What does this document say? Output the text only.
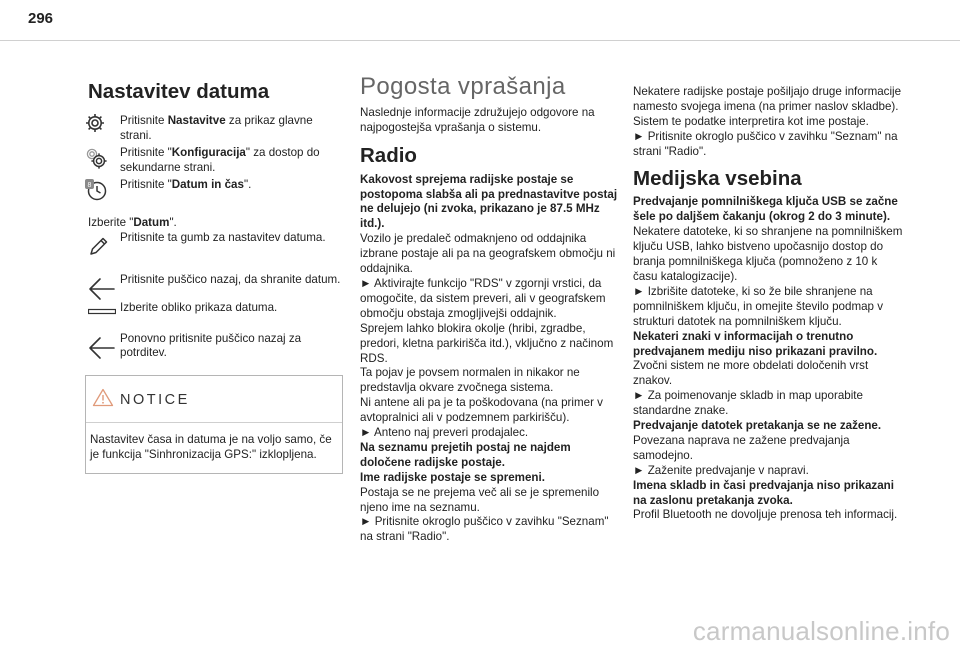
296
Nastavitev datuma
Pritisnite Nastavitve za prikaz glavne strani.
Pritisnite "Konfiguracija" za dostop do sekundarne strani.
8 Pritisnite "Datum in čas".
Izberite "Datum".
Pritisnite ta gumb za nastavitev datuma.
Pritisnite puščico nazaj, da shranite datum.
Izberite obliko prikaza datuma.
Ponovno pritisnite puščico nazaj za potrditev.
NOTICE
Nastavitev časa in datuma je na voljo samo, če je funkcija "Sinhronizacija GPS:" izklopljena.
Pogosta vprašanja

Naslednje informacije združujejo odgovore na najpogostejša vprašanja o sistemu.

Radio

Kakovost sprejema radijske postaje se postopoma slabša ali pa prednastavitve postaj ne delujejo (ni zvoka, prikazano je 87.5 MHz itd.).

Vozilo je predaleč odmaknjeno od oddajnika izbrane postaje ali pa na geografskem območju ni oddajnika.

► Aktivirajte funkcijo "RDS" v zgornji vrstici, da omogočite, da sistem preveri, ali v geografskem območju obstaja zmogljivejši oddajnik.

Sprejem lahko blokira okolje (hribi, zgradbe, predori, kletna parkirišča itd.), vključno z načinom RDS.

Ta pojav je povsem normalen in nikakor ne predstavlja okvare zvočnega sistema.

Ni antene ali pa je ta poškodovana (na primer v avtopralnici ali v podzemnem parkirišču).

► Anteno naj preveri prodajalec.

Na seznamu prejetih postaj ne najdem določene radijske postaje.

Ime radijske postaje se spremeni.

Postaja se ne prejema več ali se je spremenilo njeno ime na seznamu.

► Pritisnite okroglo puščico v zavihku "Seznam" na strani "Radio".

Nekatere radijske postaje pošiljajo druge informacije namesto svojega imena (na primer naslov skladbe).

Sistem te podatke interpretira kot ime postaje.

► Pritisnite okroglo puščico v zavihku "Seznam" na strani "Radio".

Medijska vsebina

Predvajanje pomnilniškega ključa USB se začne šele po daljšem čakanju (okrog 2 do 3 minute).

Nekatere datoteke, ki so shranjene na pomnilniškem ključu USB, lahko bistveno upočasnijo dostop do branja pomnilniškega ključa (pomnoženo z 10 k času katalogizacije).

► Izbrišite datoteke, ki so že bile shranjene na pomnilniškem ključu, in omejite število podmap v strukturi datotek na pomnilniškem ključu.

Nekateri znaki v informacijah o trenutno predvajanem mediju niso prikazani pravilno.

Zvočni sistem ne more obdelati določenih vrst znakov.

► Za poimenovanje skladb in map uporabite standardne znake.

Predvajanje datotek pretakanja se ne zažene.

Povezana naprava ne zažene predvajanja samodejno.

► Zaženite predvajanje v napravi.

Imena skladb in časi predvajanja niso prikazani na zaslonu pretakanja zvoka.

Profil Bluetooth ne dovoljuje prenosa teh informacij.

carmanualsonline.info
